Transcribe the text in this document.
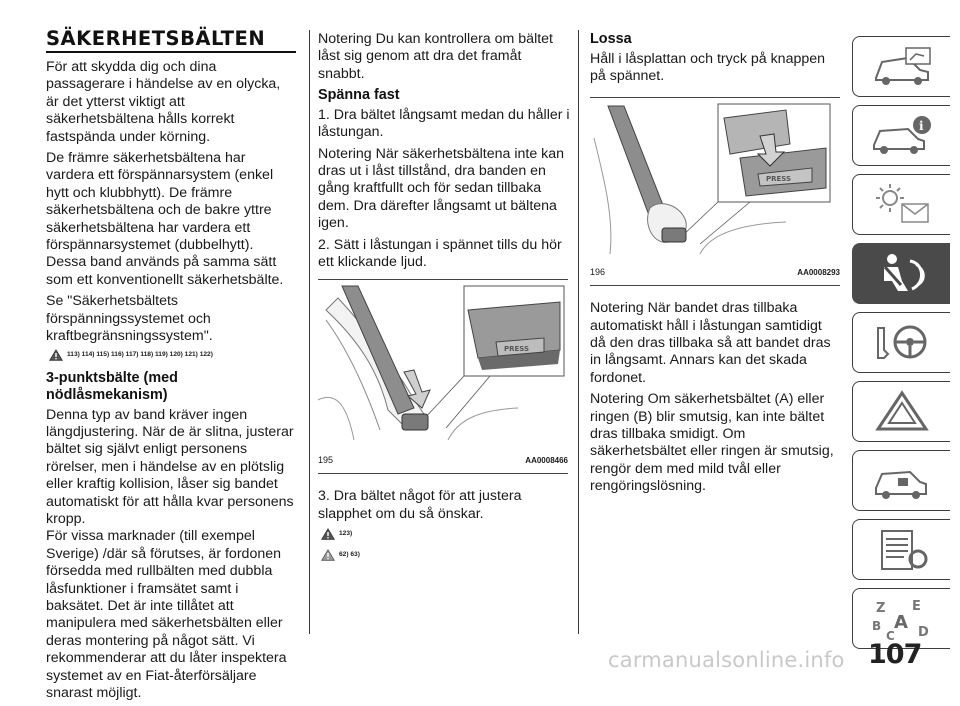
SÄKERHETSBÄLTEN

För att skydda dig och dina passagerare i händelse av en olycka, är det ytterst viktigt att säkerhetsbältena hålls korrekt fastspända under körning.

De främre säkerhetsbältena har vardera ett förspännarsystem (enkel hytt och klubbhytt). De främre säkerhetsbältena och de bakre yttre säkerhetsbältena har vardera ett förspännarsystemet (dubbelhytt). Dessa band används på samma sätt som ett konventionellt säkerhetsbälte.

Se "Säkerhetsbältets förspänningssystemet och kraftbegränsningssystem".

113) 114) 115) 116) 117) 118) 119) 120) 121) 122)
3-punktsbälte (med nödlåsmekanism)

Denna typ av band kräver ingen längdjustering. När de är slitna, justerar bältet sig självt enligt personens rörelser, men i händelse av en plötslig eller kraftig kollision, låser sig bandet automatiskt för att hålla kvar personens kropp.

För vissa marknader (till exempel Sverige) /där så förutses, är fordonen försedda med rullbälten med dubbla låsfunktioner i framsätet samt i baksätet. Det är inte tillåtet att manipulera med säkerhetsbälten eller deras montering på något sätt. Vi rekommenderar att du låter inspektera systemet av en Fiat-återförsäljare snarast möjligt.

Notering Du kan kontrollera om bältet låst sig genom att dra det framåt snabbt.

Spänna fast

1. Dra bältet långsamt medan du håller i låstungan.

Notering När säkerhetsbältena inte kan dras ut i låst tillstånd, dra banden en gång kraftfullt och för sedan tillbaka dem. Dra därefter långsamt ut bältena igen.

2. Sätt i låstungan i spännet tills du hör ett klickande ljud.

PRESS
195	AA0008466

3. Dra bältet något för att justera slapphet om du så önskar.

123)
62) 63)
Lossa

Håll i låsplattan och tryck på knappen på spännet.

PRESS
196	AA0008293

Notering När bandet dras tillbaka automatiskt håll i låstungan samtidigt då den dras tillbaka så att bandet dras in långsamt. Annars kan det skada fordonet.

Notering Om säkerhetsbältet (A) eller ringen (B) blir smutsig, kan inte bältet dras tillbaka smidigt. Om säkerhetsbältet eller ringen är smutsig, rengör dem med mild tvål eller rengöringslösning.

i
Z E
B A
C D
107
carmanualsonline.info
